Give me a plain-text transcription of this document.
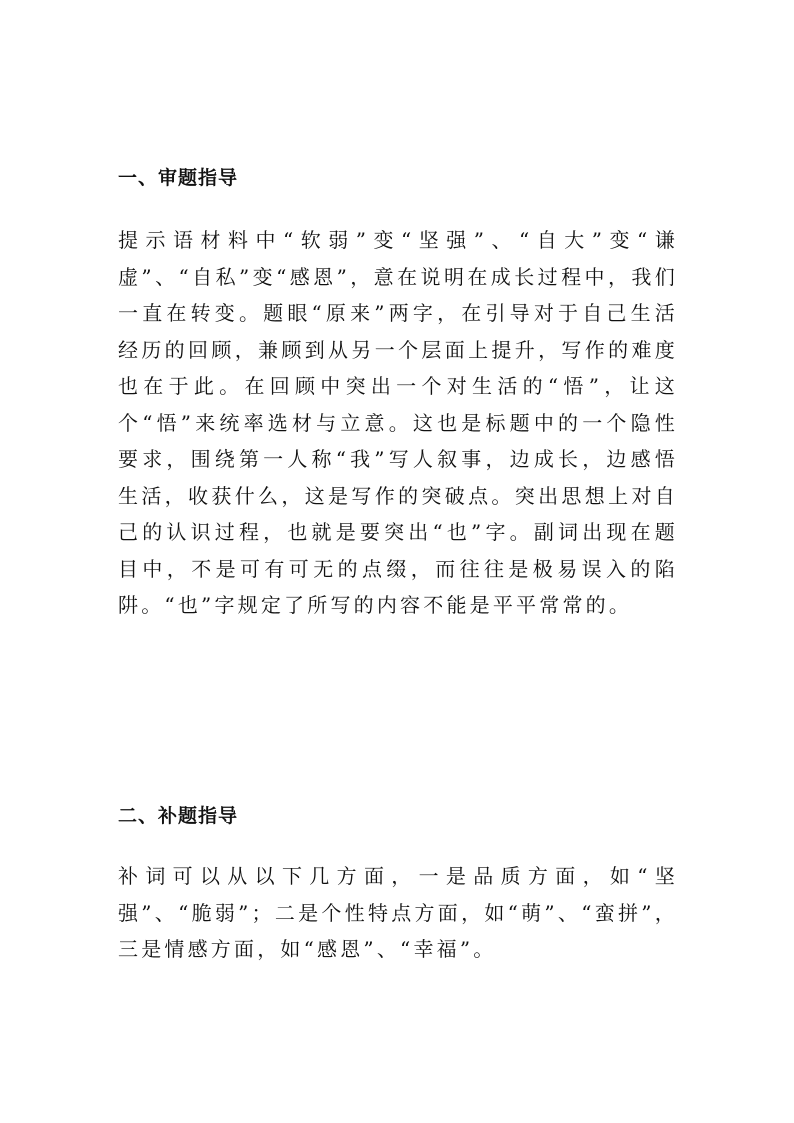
一、审题指导

提示语材料中“软弱”变“坚强”、“自大”变“谦虚”、“自私”变“感恩”，意在说明在成长过程中，我们一直在转变。题眼“原来”两字，在引导对于自己生活经历的回顾，兼顾到从另一个层面上提升，写作的难度也在于此。在回顾中突出一个对生活的“悟”，让这个“悟”来统率选材与立意。这也是标题中的一个隐性要求，围绕第一人称“我”写人叙事，边成长，边感悟生活，收获什么，这是写作的突破点。突出思想上对自己的认识过程，也就是要突出“也”字。副词出现在题目中，不是可有可无的点缀，而往往是极易误入的陷阱。“也”字规定了所写的内容不能是平平常常的。

二、补题指导

补词可以从以下几方面，一是品质方面，如“坚强”、“脆弱”；二是个性特点方面，如“萌”、“蛮拼”，三是情感方面，如“感恩”、“幸福”。
